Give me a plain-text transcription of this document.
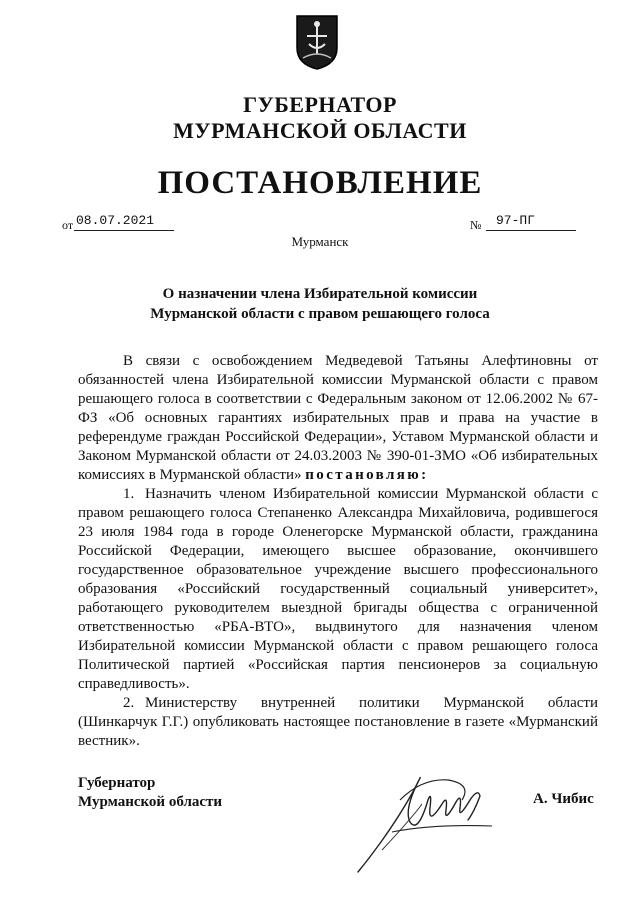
ГУБЕРНАТОР
МУРМАНСКОЙ ОБЛАСТИ
ПОСТАНОВЛЕНИЕ
от 08.07.2021	№ 97-ПГ
Мурманск
О назначении члена Избирательной комиссии
Мурманской области с правом решающего голоса

В связи с освобождением Медведевой Татьяны Алефтиновны от обязанностей члена Избирательной комиссии Мурманской области с правом решающего голоса в соответствии с Федеральным законом от 12.06.2002 № 67-ФЗ «Об основных гарантиях избирательных прав и права на участие в референдуме граждан Российской Федерации», Уставом Мурманской области и Законом Мурманской области от 24.03.2003 № 390-01-ЗМО «Об избирательных комиссиях в Мурманской области» постановляю:

1. Назначить членом Избирательной комиссии Мурманской области с правом решающего голоса Степаненко Александра Михайловича, родившегося 23 июля 1984 года в городе Оленегорске Мурманской области, гражданина Российской Федерации, имеющего высшее образование, окончившего государственное образовательное учреждение высшего профессионального образования «Российский государственный социальный университет», работающего руководителем выездной бригады общества с ограниченной ответственностью «РБА-ВТО», выдвинутого для назначения членом Избирательной комиссии Мурманской области с правом решающего голоса Политической партией «Российская партия пенсионеров за социальную справедливость».

2. Министерству внутренней политики Мурманской области (Шинкарчук Г.Г.) опубликовать настоящее постановление в газете «Мурманский вестник».

Губернатор
Мурманской области	А. Чибис
